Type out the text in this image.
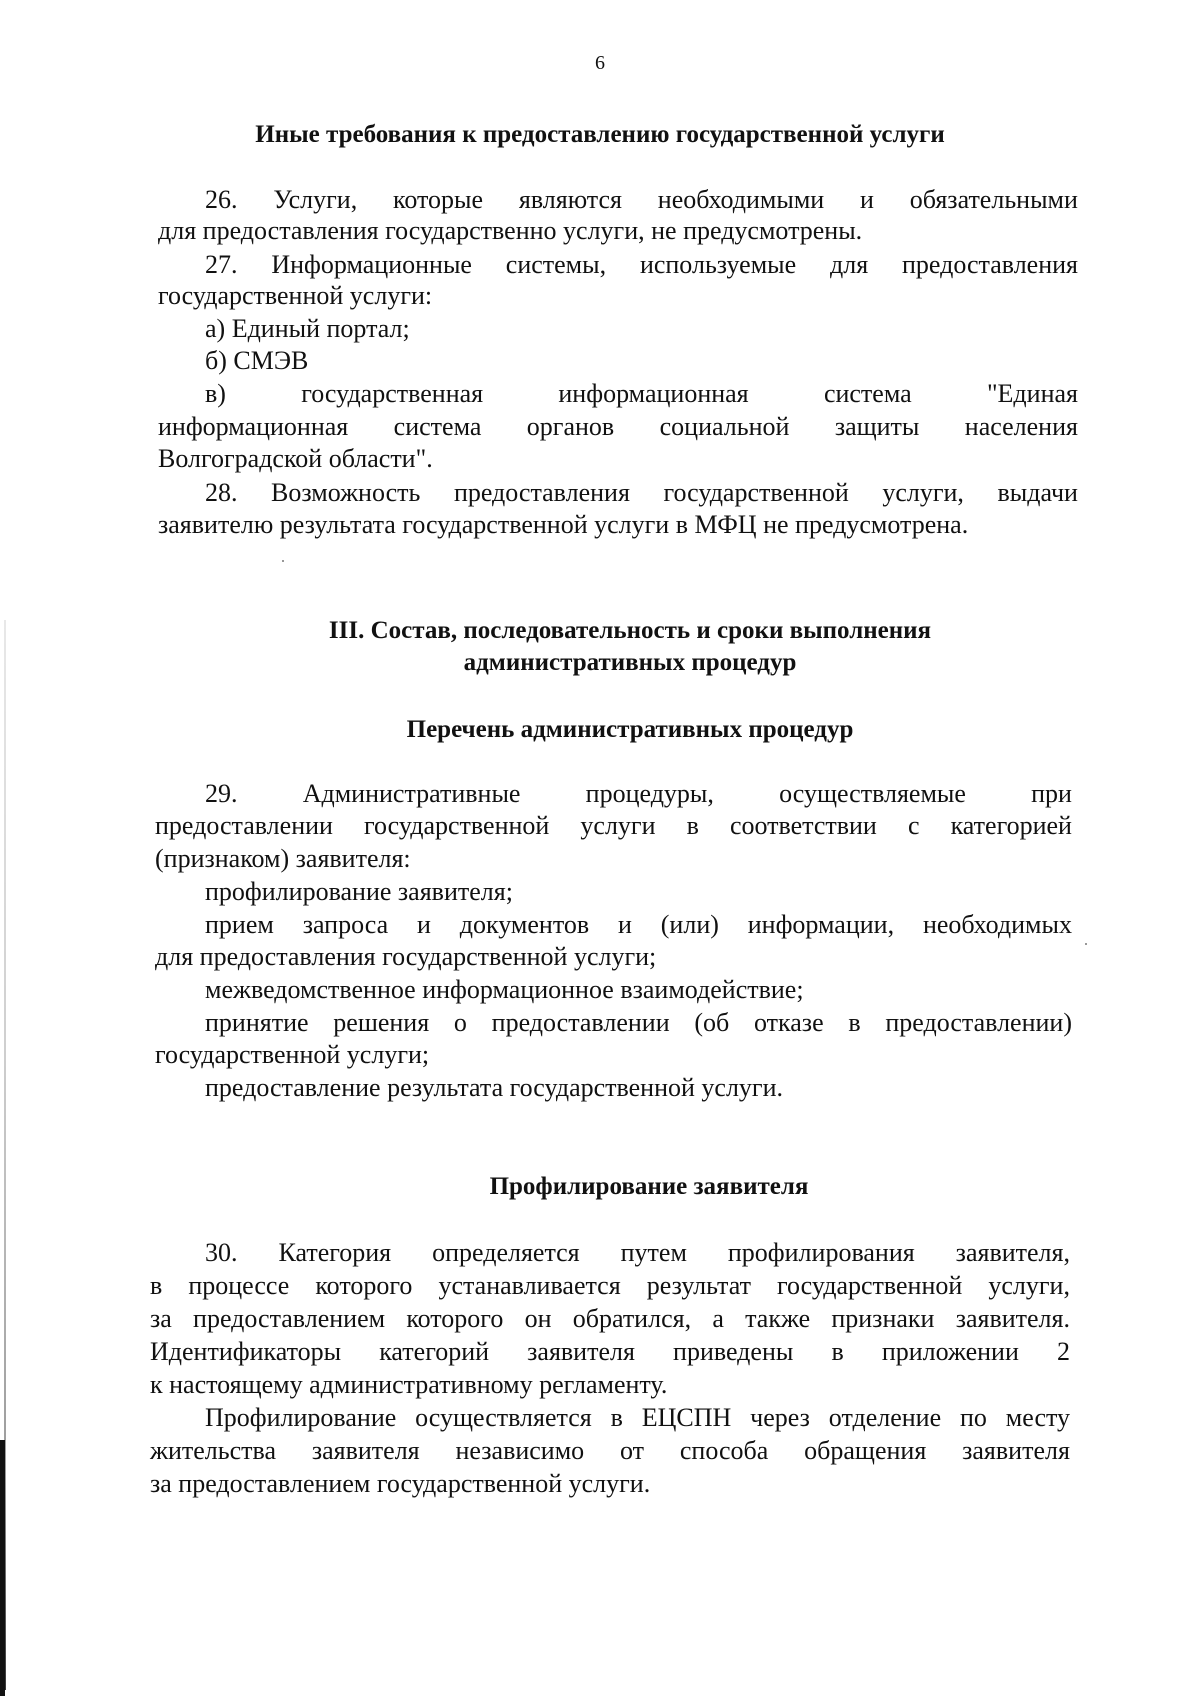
6
Иные требования к предоставлению государственной услуги
26. Услуги, которые являются необходимыми и обязательными
для предоставления государственно услуги, не предусмотрены.
27. Информационные системы, используемые для предоставления
государственной услуги:
а) Единый портал;
б) СМЭВ
в)	государственная	информационная	система	"Единая
информационная система органов социальной защиты населения
Волгоградской области".
28. Возможность предоставления государственной услуги, выдачи
заявителю результата государственной услуги в МФЦ не предусмотрена.
III. Состав, последовательность и сроки выполнения
административных процедур
Перечень административных процедур
29.	Административные	процедуры,	осуществляемые	при
предоставлении государственной услуги в соответствии с категорией
(признаком) заявителя:
профилирование заявителя;
прием запроса и документов и (или) информации, необходимых
для предоставления государственной услуги;
межведомственное информационное взаимодействие;
принятие решения о предоставлении (об отказе в предоставлении)
государственной услуги;
предоставление результата государственной услуги.
Профилирование заявителя
30. Категория определяется путем профилирования заявителя,
в процессе которого устанавливается результат государственной услуги,
за предоставлением которого он обратился, а также признаки заявителя.
Идентификаторы категорий заявителя приведены в приложении 2
к настоящему административному регламенту.
Профилирование осуществляется в ЕЦСПН через отделение по месту
жительства заявителя независимо от способа обращения заявителя
за предоставлением государственной услуги.
